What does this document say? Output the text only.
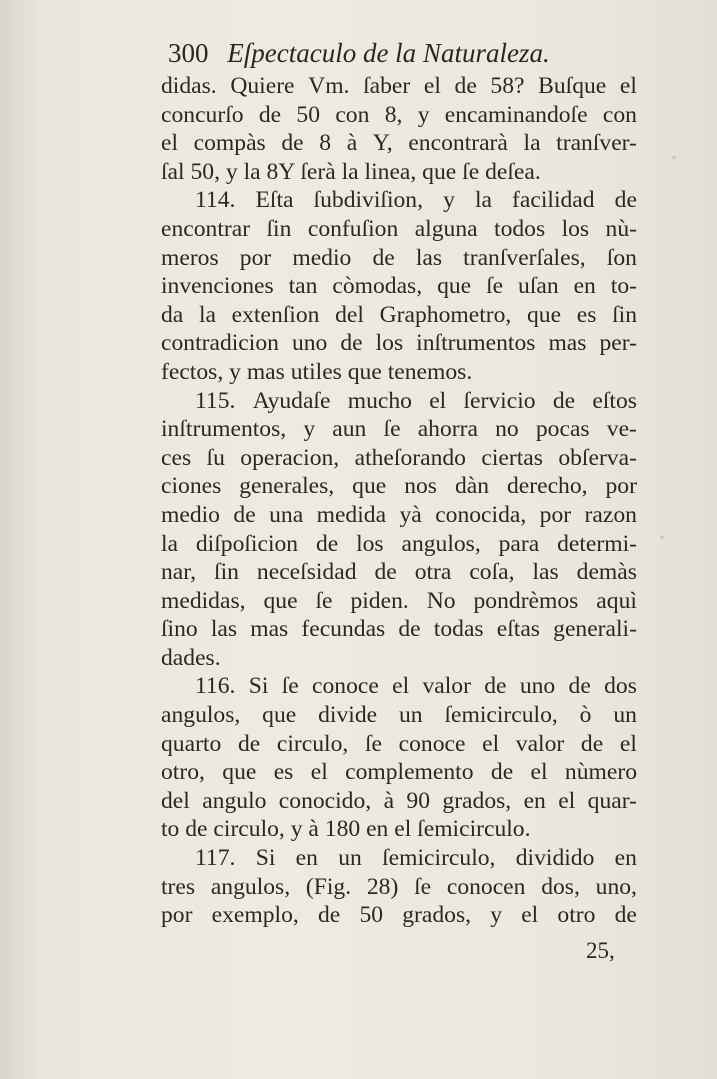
▪
▪
300 Eſpectaculo de la Naturaleza.
didas. Quiere Vm. ſaber el de 58? Buſque el
concurſo de 50 con 8, y encaminandoſe con
el compàs de 8 à Y, encontrarà la tranſver-
ſal 50, y la 8Y ſerà la linea, que ſe deſea.
114. Eſta ſubdiviſion, y la facilidad de
encontrar ſin confuſion alguna todos los nù-
meros por medio de las tranſverſales, ſon
invenciones tan còmodas, que ſe uſan en to-
da la extenſion del Graphometro, que es ſin
contradicion uno de los inſtrumentos mas per-
fectos, y mas utiles que tenemos.
115. Ayudaſe mucho el ſervicio de eſtos
inſtrumentos, y aun ſe ahorra no pocas ve-
ces ſu operacion, atheſorando ciertas obſerva-
ciones generales, que nos dàn derecho, por
medio de una medida yà conocida, por razon
la diſpoſicion de los angulos, para determi-
nar, ſin neceſsidad de otra coſa, las demàs
medidas, que ſe piden. No pondrèmos aquì
ſino las mas fecundas de todas eſtas generali-
dades.
116. Si ſe conoce el valor de uno de dos
angulos, que divide un ſemicirculo, ò un
quarto de circulo, ſe conoce el valor de el
otro, que es el complemento de el nùmero
del angulo conocido, à 90 grados, en el quar-
to de circulo, y à 180 en el ſemicirculo.
117. Si en un ſemicirculo, dividido en
tres angulos, (Fig. 28) ſe conocen dos, uno,
por exemplo, de 50 grados, y el otro de
25,
